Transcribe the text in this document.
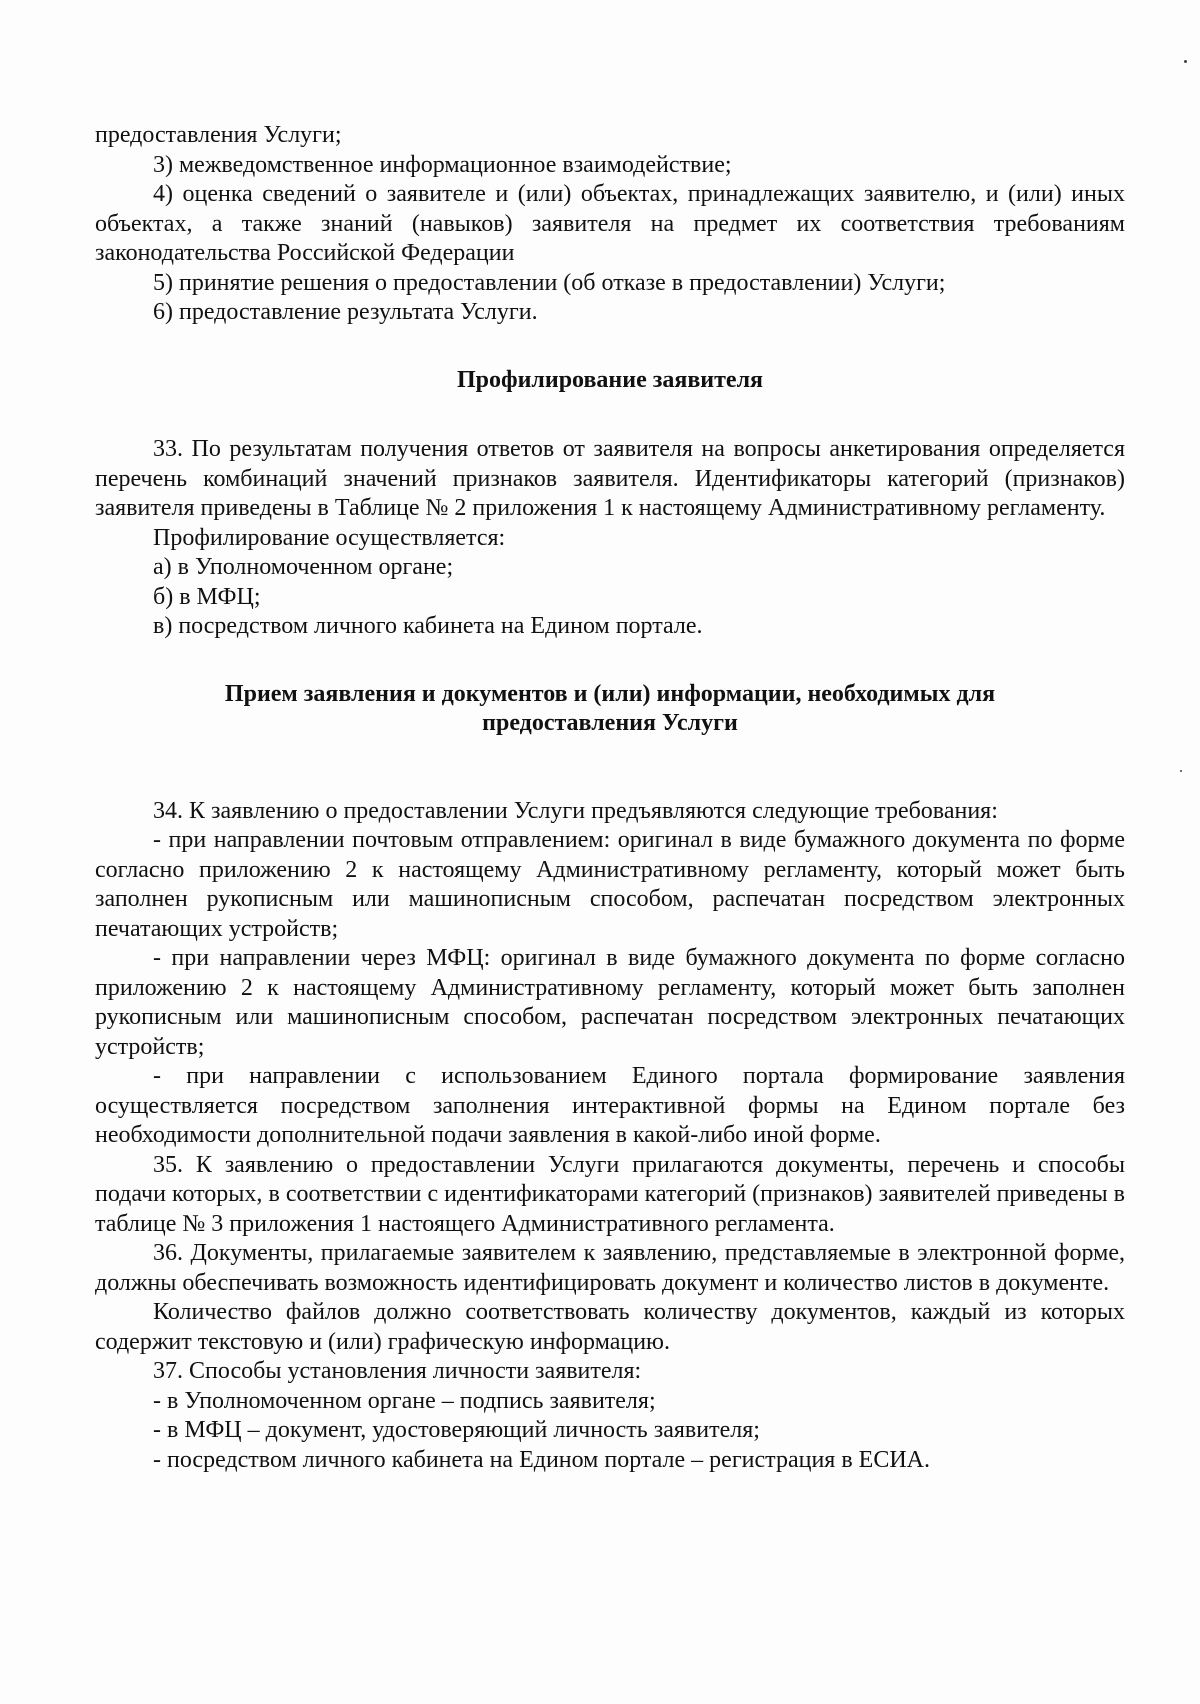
предоставления Услуги;

3) межведомственное информационное взаимодействие;

4) оценка сведений о заявителе и (или) объектах, принадлежащих заявителю, и (или) иных объектах, а также знаний (навыков) заявителя на предмет их соответствия требованиям законодательства Российской Федерации

5) принятие решения о предоставлении (об отказе в предоставлении) Услуги;

6) предоставление результата Услуги.

Профилирование заявителя

33. По результатам получения ответов от заявителя на вопросы анкетирования определяется перечень комбинаций значений признаков заявителя. Идентификаторы категорий (признаков) заявителя приведены в Таблице № 2 приложения 1 к настоящему Административному регламенту.

Профилирование осуществляется:

а) в Уполномоченном органе;

б) в МФЦ;

в) посредством личного кабинета на Едином портале.

Прием заявления и документов и (или) информации, необходимых для
предоставления Услуги

34. К заявлению о предоставлении Услуги предъявляются следующие требования:

- при направлении почтовым отправлением: оригинал в виде бумажного документа по форме согласно приложению 2 к настоящему Административному регламенту, который может быть заполнен рукописным или машинописным способом, распечатан посредством электронных печатающих устройств;

- при направлении через МФЦ: оригинал в виде бумажного документа по форме согласно приложению 2 к настоящему Административному регламенту, который может быть заполнен рукописным или машинописным способом, распечатан посредством электронных печатающих устройств;

- при направлении с использованием Единого портала формирование заявления осуществляется посредством заполнения интерактивной формы на Едином портале без необходимости дополнительной подачи заявления в какой-либо иной форме.

35. К заявлению о предоставлении Услуги прилагаются документы, перечень и способы подачи которых, в соответствии с идентификаторами категорий (признаков) заявителей приведены в таблице № 3 приложения 1 настоящего Административного регламента.

36. Документы, прилагаемые заявителем к заявлению, представляемые в электронной форме, должны обеспечивать возможность идентифицировать документ и количество листов в документе.

Количество файлов должно соответствовать количеству документов, каждый из которых содержит текстовую и (или) графическую информацию.

37. Способы установления личности заявителя:

- в Уполномоченном органе – подпись заявителя;

- в МФЦ – документ, удостоверяющий личность заявителя;

- посредством личного кабинета на Едином портале – регистрация в ЕСИА.
